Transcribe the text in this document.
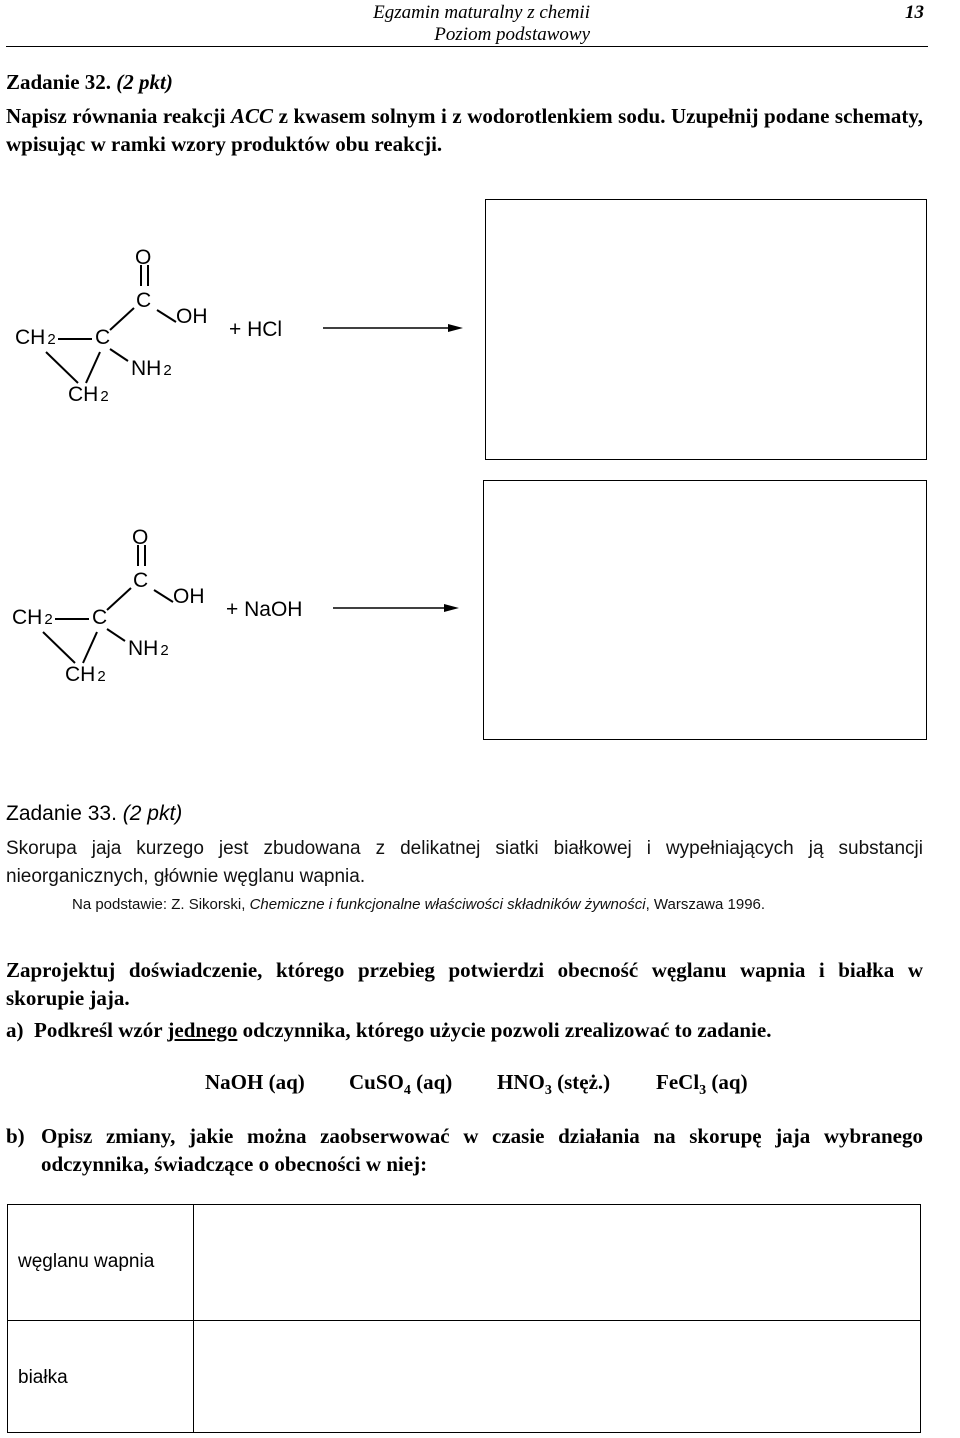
Egzamin maturalny z chemii
Poziom podstawowy
13
Zadanie 32. (2 pkt)
Napisz równania reakcji ACC z kwasem solnym i z wodorotlenkiem sodu. Uzupełnij podane schematy, wpisując w ramki wzory produktów obu reakcji.
O
C
OH
CH 2 C
NH 2
CH 2
+ HCl
O
C
OH
CH 2 C
NH 2
CH 2
+ NaOH
Zadanie 33. (2 pkt)
Skorupa jaja kurzego jest zbudowana z delikatnej siatki białkowej i wypełniających ją substancji nieorganicznych, głównie węglanu wapnia.
Na podstawie: Z. Sikorski, Chemiczne i funkcjonalne właściwości składników żywności, Warszawa 1996.
Zaprojektuj doświadczenie, którego przebieg potwierdzi obecność węglanu wapnia i białka w skorupie jaja.
a) Podkreśl wzór jednego odczynnika, którego użycie pozwoli zrealizować to zadanie.
NaOH (aq) CuSO$_4$ (aq) $HNO_3$ (stęż.) FeCl$_3$ (aq)
b) Opisz zmiany, jakie można zaobserwować w czasie działania na skorupę jaja wybranego odczynnika, świadczące o obecności w niej:
węglanu wapnia
białka
